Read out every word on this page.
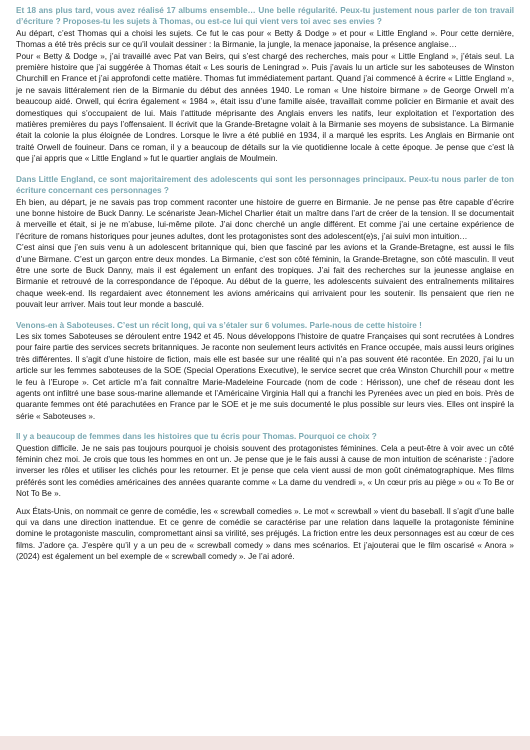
Et 18 ans plus tard, vous avez réalisé 17 albums ensemble… Une belle régularité. Peux-tu justement nous parler de ton travail d’écriture ? Proposes-tu les sujets à Thomas, ou est-ce lui qui vient vers toi avec ses envies ?

Au départ, c’est Thomas qui a choisi les sujets. Ce fut le cas pour « Betty & Dodge » et pour « Little England ». Pour cette dernière, Thomas a été très précis sur ce qu’il voulait dessiner : la Birmanie, la jungle, la menace japonaise, la présence anglaise…

Pour « Betty & Dodge », j’ai travaillé avec Pat van Beirs, qui s’est chargé des recherches, mais pour « Little England », j’étais seul. La première histoire que j’ai suggérée à Thomas était « Les souris de Leningrad ». Puis j’avais lu un article sur les saboteuses de Winston Churchill en France et j’ai approfondi cette matière. Thomas fut immédiatement partant. Quand j’ai commencé à écrire « Little England », je ne savais littéralement rien de la Birmanie du début des années 1940. Le roman « Une histoire birmane » de George Orwell m’a beaucoup aidé. Orwell, qui écrira également « 1984 », était issu d’une famille aisée, travaillait comme policier en Birmanie et avait des domestiques qui s’occupaient de lui. Mais l’attitude méprisante des Anglais envers les natifs, leur exploitation et l’exportation des matières premières du pays l’offensaient. Il écrivit que la Grande-Bretagne volait à la Birmanie ses moyens de subsistance. La Birmanie était la colonie la plus éloignée de Londres. Lorsque le livre a été publié en 1934, il a marqué les esprits. Les Anglais en Birmanie ont traité Orwell de fouineur. Dans ce roman, il y a beaucoup de détails sur la vie quotidienne locale à cette époque. Je pense que c’est là que j’ai appris que « Little England » fut le quartier anglais de Moulmein.

Dans Little England, ce sont majoritairement des adolescents qui sont les personnages principaux. Peux-tu nous parler de ton écriture concernant ces personnages ?

Eh bien, au départ, je ne savais pas trop comment raconter une histoire de guerre en Birmanie. Je ne pense pas être capable d’écrire une bonne histoire de Buck Danny. Le scénariste Jean-Michel Charlier était un maître dans l’art de créer de la tension. Il se documentait à merveille et était, si je ne m’abuse, lui-même pilote. J’ai donc cherché un angle différent. Et comme j’ai une certaine expérience de l’écriture de romans historiques pour jeunes adultes, dont les protagonistes sont des adolescent(e)s, j’ai suivi mon intuition…

C’est ainsi que j’en suis venu à un adolescent britannique qui, bien que fasciné par les avions et la Grande-Bretagne, est aussi le fils d’une Birmane. C’est un garçon entre deux mondes. La Birmanie, c’est son côté féminin, la Grande-Bretagne, son côté masculin. Il veut être une sorte de Buck Danny, mais il est également un enfant des tropiques. J’ai fait des recherches sur la jeunesse anglaise en Birmanie et retrouvé de la correspondance de l’époque. Au début de la guerre, les adolescents suivaient des entraînements militaires chaque week-end. Ils regardaient avec étonnement les avions américains qui arrivaient pour les soutenir. Ils pensaient que rien ne pouvait leur arriver. Mais tout leur monde a basculé.

Venons-en à Saboteuses. C’est un récit long, qui va s’étaler sur 6 volumes. Parle-nous de cette histoire !

Les six tomes Saboteuses se déroulent entre 1942 et 45. Nous développons l’histoire de quatre Françaises qui sont recrutées à Londres pour faire partie des services secrets britanniques. Je raconte non seulement leurs activités en France occupée, mais aussi leurs origines très différentes. Il s’agit d’une histoire de fiction, mais elle est basée sur une réalité qui n’a pas souvent été racontée. En 2020, j’ai lu un article sur les femmes saboteuses de la SOE (Special Operations Executive), le service secret que créa Winston Churchill pour « mettre le feu à l’Europe ». Cet article m’a fait connaître Marie-Madeleine Fourcade (nom de code : Hérisson), une chef de réseau dont les agents ont infiltré une base sous-marine allemande et l’Américaine Virginia Hall qui a franchi les Pyrenées avec un pied en bois. Près de quarante femmes ont été parachutées en France par le SOE et je me suis documenté le plus possible sur leurs vies. Elles ont inspiré la série « Saboteuses ».

Il y a beaucoup de femmes dans les histoires que tu écris pour Thomas. Pourquoi ce choix ?

Question difficile. Je ne sais pas toujours pourquoi je choisis souvent des protagonistes féminines. Cela a peut-être à voir avec un côté féminin chez moi. Je crois que tous les hommes en ont un. Je pense que je le fais aussi à cause de mon intuition de scénariste : j’adore inverser les rôles et utiliser les clichés pour les retourner. Et je pense que cela vient aussi de mon goût cinématographique. Mes films préférés sont les comédies américaines des années quarante comme « La dame du vendredi », « Un cœur pris au piège » ou « To Be or Not To Be ».

Aux États-Unis, on nommait ce genre de comédie, les « screwball comedies ». Le mot « screwball » vient du baseball. Il s’agit d’une balle qui va dans une direction inattendue. Et ce genre de comédie se caractérise par une relation dans laquelle la protagoniste féminine domine le protagoniste masculin, compromettant ainsi sa virilité, ses préjugés. La friction entre les deux personnages est au cœur de ces films. J’adore ça. J’espère qu’il y a un peu de « screwball comedy » dans mes scénarios. Et j’ajouterai que le film oscarisé « Anora » (2024) est également un bel exemple de « screwball comedy ». Je l’ai adoré.
